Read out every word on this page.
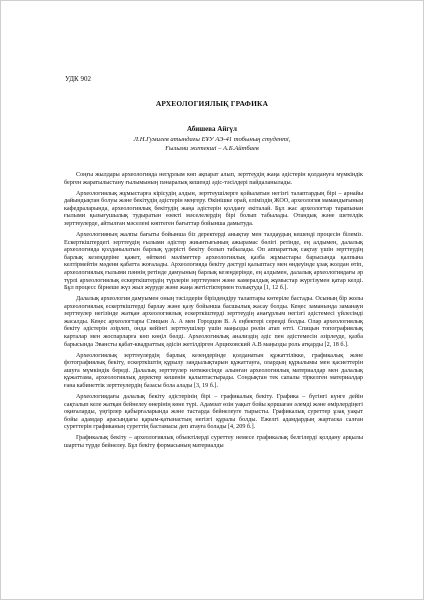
УДК 902
АРХЕОЛОГИЯЛЫҚ ГРАФИКА
Абишева Айгүл
Л.Н.Гумилев атындағы ЕҰУ АЭ-41 тобының студенті,
Ғылыми жетекші – А.Б.Айтбаев

Соңғы жылдары археологияда негұрлым көп ақпарат алып, зерттеудің жаңа әдістерін қолдануға мүмкіндік берген жаратылыстану ғылымының пәнаралық кешенді әдіс-тәсілдері пайдаланылады.

Археологиялық жұмыстарға кірісудің алдын, зерттеушілерге қойылатын негізгі талаптардың бірі – арнайы дайындықтан болуы және бекітудің әдістерін меңгеру. Өкінішке орай, еліміздің ЖОО, археология мамандығының кафедраларында, археологиялық бекітудің жаңа әдістерін қолдану екіталай. Бұл жас археологтар тарапынан ғылыми қызығушылық тудыратын өзекті мәселелердің бірі болып табылады. Отандық және шетелдік зерттеулерде, айтылған мәселені көптеген бағыттар бойынша дамытуда.

Археологияның жалпы бағыты бойынша біз деректерді анықтау мен талдаудың кешенді процесін білеміз. Ескерткіштердегі зерттеудің ғылыми әдістер жиынтығының ажырамас бөлігі ретінде, ең алдымен, далалық археологияда қолданылатын барлық үдерісті бекіту болып табылады. Оп аппараттық сақтау үшін зерттеудің барлық кезеңдеріне қажет, өйткені мәліметтер археологиялық қазба жұмыстары барысында қалпына келтірмейтін мәдени қабатта жоғалады. Археологияда бекіту дәстүрі қалыптасу мен өндеуінде ұзақ жолдан өтіп, археологиялық ғылыми пәннің ретінде дамуының барлық кезеңдерінде, ең алдымен, далалық археологиядағы әр түрлі археологиялық ескерткіштердің түрлерін зерттеумен және камералдық жұмыстар жүргізумен қатар келді. Бұл процесс бірнеше жүз жыл жүруде және жаңа жетістіктермен толықтуда [1, 12 б.].

Далалық археология дамуымен оның тәсілдерін біріздендіру талаптары көтеріле бастады. Осының бір жолы археологиялық ескерткіштерді барлау және қазу бойынша басшылық жасау болды. Кеңес заманында заманауи зерттеулер негізінде жатқан археологиялық ескерткіштерді зерттеудің анағұрлым негізгі әдістемесі үйлесімді жасалды. Кеңес археологтары Спицын А. А мен Городцов В. А еңбектері сереңді болды. Олар археологиялық бекіту әдістерін әзірлеп, онда кейінгі зерттеушілер үшін маңызды рөлін атап өтті. Спицын топографиялық карталар мен жоспарларға көп көңіл бөлді. Археологиялық анализдің әдіс пен әдістемесін әзірлеуде, қазба барысында Эвансты қабат-квадраттық әдісін жетілдірген Арциховский А.В маңызды роль атқарды [2, 18 б.].

Археологиялық зерттеулердің барлық кезеңдерінде қолданатын құжаттілікке, графикалық және фотографиялық бекіту, ескерткіштің құрылу заңдылықтарын құжаттауға, олардың құрылымы мен қасиеттерін ашуға мүмкіндік береді. Далалық зерттеулер нәтижесінде алынған археологиялық материалдар мен далалық құжаттама, археологиялық деректер кешенін қалыптастырады. Сондықтан тек сапалы тіркелген материалдар ғана кабинеттік зерттеулердің базасы бола алады [3, 19 б.].

Археологиядағы далалық бекіту әдістерінің бірі – графикалық бекіту. Графика – бүгінгі күнге дейін сақталып келе жатқан бейнелеу өнерінің көне түрі. Адамзат өзін уақыт бойы қоршаған әлемді және өмірлердіңегі оқиғаларды, үңгірлер қабырғаларында және тастарда бейнелеуге тырысты. Графикалық суреттер ұзақ уақыт бойы адамдар арасындағы қарым-қатынастың негізгі құралы болды. Ежелгі адамдардың жартаска салған суреттерін графиканың суреттің бастамасы деп атауға болады [4, 209 б.].

Графикалық бекіту – археологиялық объектілерді суреттеу немесе графикалық белгілерді қолдану арқылы шартты түрде бейнелеу. Бұл бекіту формасының материалды
